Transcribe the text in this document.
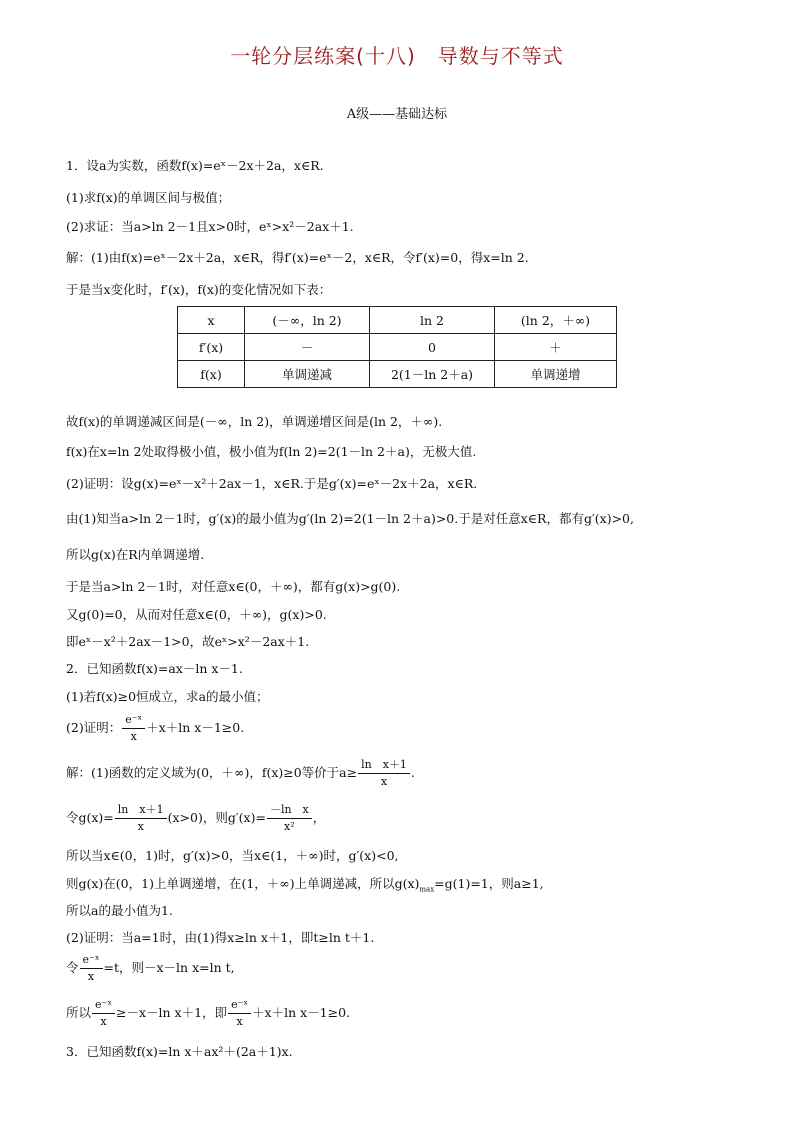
一轮分层练案(十八) 导数与不等式
A级——基础达标
1．设a为实数，函数f(x)=eˣ－2x＋2a，x∈R.
(1)求f(x)的单调区间与极值；
(2)求证：当a>ln 2－1且x>0时，eˣ>x²－2ax＋1.
解：(1)由f(x)=eˣ－2x＋2a，x∈R，得f′(x)=eˣ－2，x∈R，令f′(x)=0，得x=ln 2.
于是当x变化时，f′(x)，f(x)的变化情况如下表：
x	(－∞，ln 2)	ln 2	(ln 2，＋∞)
f′(x)	－	0	＋
f(x)	单调递减	2(1－ln 2＋a)	单调递增
故f(x)的单调递减区间是(－∞，ln 2)，单调递增区间是(ln 2，＋∞).
f(x)在x=ln 2处取得极小值，极小值为f(ln 2)=2(1－ln 2＋a)，无极大值.
(2)证明：设g(x)=eˣ－x²＋2ax－1，x∈R.于是g′(x)=eˣ－2x＋2a，x∈R.
由(1)知当a>ln 2－1时，g′(x)的最小值为g′(ln 2)=2(1－ln 2＋a)>0.于是对任意x∈R，都有g′(x)>0,
所以g(x)在R内单调递增.
于是当a>ln 2－1时，对任意x∈(0，＋∞)，都有g(x)>g(0).
又g(0)=0，从而对任意x∈(0，＋∞)，g(x)>0.
即eˣ－x²＋2ax－1>0，故eˣ>x²－2ax＋1.
2．已知函数f(x)=ax－ln x－1.
(1)若f(x)≥0恒成立，求a的最小值；
(2)证明： $\frac{\text{e⁻ˣ}}{x} +x+\ln$ x－1≥0.
解：(1)函数的定义域为(0，＋∞)，f(x)≥0等价于$a\ge \frac{\text{ln　x＋1}}{x}$ .
令$g(x)= \frac{\text{ln　x＋1}}{x} (x>0)$，则$g'(x)= \frac{\text{－ln　x}}{\text{x²}}$ ，
所以当x∈(0，1)时，g′(x)>0，当x∈(1，＋∞)时，g′(x)<0,
则g(x)在(0，1)上单调递增，在(1，＋∞)上单调递减，所以$g(x)_{max}=g(1)=1$，则a≥1,
所以a的最小值为1.
(2)证明：当a=1时，由(1)得x≥ln x＋1，即t≥ln t＋1.
令 $\frac{\text{e⁻ˣ}}{x} =t$，则－x－ln x=ln t,
所以 $\frac{\text{e⁻ˣ}}{x} \ge-x-\ln$ x＋1，即 $\frac{\text{e⁻ˣ}}{x} +x+\ln$ x－1≥0.
3．已知函数f(x)=ln x＋ax²＋(2a＋1)x.
